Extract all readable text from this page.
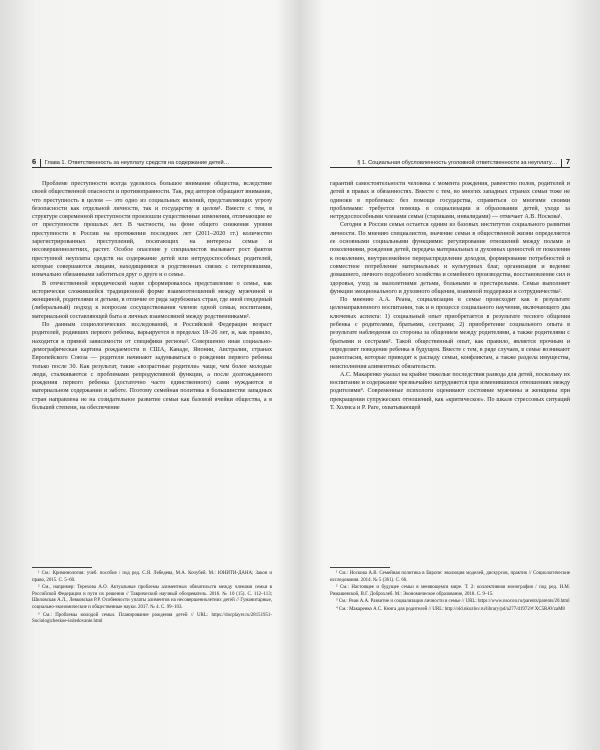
6 Глава 1. Ответственность за неуплату средств на содержание детей…	§ 1. Социальная обусловленность уголовной ответственности за неуплату… 7

Проблеме преступности всегда уделялось большое внимание общества, вследствие своей общественной опасности и противоправности. Так, ряд авторов обращают внимание, что преступность в целом — это одно из социальных явлений, представляющих угрозу безопасности как отдельной личности, так и государству в целом¹. Вместе с тем, в структуре современной преступности произошли существенные изменения, отличающие ее от преступности прошлых лет. В частности, на фоне общего снижения уровня преступности в России на протяжении последних лет (2011–2020 гг.) количество зарегистрированных преступлений, посягающих на интересы семьи и несовершеннолетних, растет. Особое опасение у специалистов вызывает рост фактов преступной неуплаты средств на содержание детей или нетрудоспособных родителей, которые совершаются лицами, находящимися в родственных связях с потерпевшими, изначально обязанными заботиться друг о друге и о семье.

В отечественной юридической науке сформировалось представление о семье, как исторически сложившейся традиционной форме взаимоотношений между мужчиной и женщиной, родителями и детьми, в отличие от ряда зарубежных стран, где иной гендерный (либеральный) подход к вопросам сосуществования членов одной семьи, воспитании, материальной составляющей быта и личных взаимосвязей между родственниками².

По данным социологических исследований, в Российской Федерации возраст родителей, родивших первого ребенка, варьируется в пределах 18–26 лет, и, как правило, находится в прямой зависимости от специфики региона³. Совершенно иная социально-демографическая картина рождаемости в США, Канаде, Японии, Австралии, странах Европейского Союза — родители начинают задумываться о рождении первого ребенка только после 30. Как результат, такие «возрастные родители» чаще, чем более молодые люди, сталкиваются с проблемами репродуктивной функции, а после долгожданного рождения первого ребенка (достаточно часто единственного) сами нуждаются в материальном содержании и заботе. Поэтому семейная политика в большинстве западных стран направлена не на созидательное развитие семьи как базовой ячейки общества, а в большей степени, на обеспечение

¹ См.: Криминология: учеб. пособие / под ред. С.Я. Лебедева, М.А. Кочубей. М.: ЮНИТИ-ДАНА; Закон и право, 2015. С. 5–60.

² См., например: Терехова А.О. Актуальные проблемы алиментных обязательств между членами семьи в Российской Федерации и пути их решения // Таврический научный обозреватель. 2016. № 10 (15). С. 112–113; Шиловская А.Л., Левковская Р.Р. Особенности уплаты алиментов на несовершеннолетних детей // Гуманитарные, социально-экономические и общественные науки. 2017. № 4. С. 99–103.

³ См.: Проблемы молодой семьи. Планирование рождения детей // URL: https://docplayer.ru/28151951-Sociologicheskoe-issledovanie.html

гарантий самостоятельности человека с момента рождения, равенство полов, родителей и детей в правах и обязанностях. Вместе с тем, во многих западных странах семьи тоже не одиноки в проблемах: без помощи государства, справиться со многими своими проблемами: требуется помощь в социализации и образовании детей, уходе за нетрудоспособными членами семьи (стариками, инвалидами) — отмечает А.В. Носкова¹.

Сегодня в России семья остается одним из базовых институтов социального развития личности. По мнению специалистов, значение семьи в общественной жизни определяется ее основными социальными функциями: регулирование отношений между полами и поколениями, рождения детей, передача материальных и духовных ценностей от поколения к поколению, внутрисемейное перераспределение доходов, формирование потребностей и совместное потребление материальных и культурных благ, организация и ведение домашнего, личного подсобного хозяйства и семейного производства, восстановление сил и здоровья, уход за малолетними детьми, больными и престарелыми. Семья выполняет функции эмоционального и духовного общения, взаимной поддержки и сотрудничества².

По мнению А.А. Реана, социализация в семье происходит как в результате целенаправленного воспитания, так и в процессе социального научения, включающего два ключевых аспекта: 1) социальный опыт приобретается в результате тесного общения ребенка с родителями, братьями, сестрами; 2) приобретение социального опыта в результате наблюдения со стороны за общением между родителями, а также родителями с братьями и сестрами³. Такой общественный опыт, как правило, является прочным и определяет поведение ребенка в будущем. Вместе с тем, в ряде случаев, в семье возникают разногласия, которые приводят к распаду семьи, конфликтам, а также раздела имущества, неисполнения алиментных обязательств.

А.С. Макаренко указал на крайне тяжелые последствия развода для детей, поскольку их воспитание и содержание чрезвычайно затрудняется при изменившихся отношениях между родителями⁴. Современные психологи оценивают состояние мужчины и женщины при прекращении супружеских отношений, как «критическое». По шкале стрессовых ситуаций Т. Холмса и Р. Раге, охватывающей

¹ См.: Носкова А.В. Семейная политика в Европе: эволюция моделей, дискурсов, практик // Социологические исследования. 2014. № 5 (361). С. 66.

² См.: Настоящее и будущее семьи в меняющемся мире. Т. 2: коллективная монография / под ред. Н.М. Римашевской, В.Г. Доброхлеб. М.: Экономическое образование, 2018. С. 9–15.

³ См.: Реан А.А. Развитие и социализация личности в семье // URL: https://www.nsocon.ru/parents/parents/20.html

⁴ См.: Макаренко А.С. Книга для родителей // URL: http://old.nkozlov.ru/library/pd/a277/d1972/# XC5RAVzaM8
